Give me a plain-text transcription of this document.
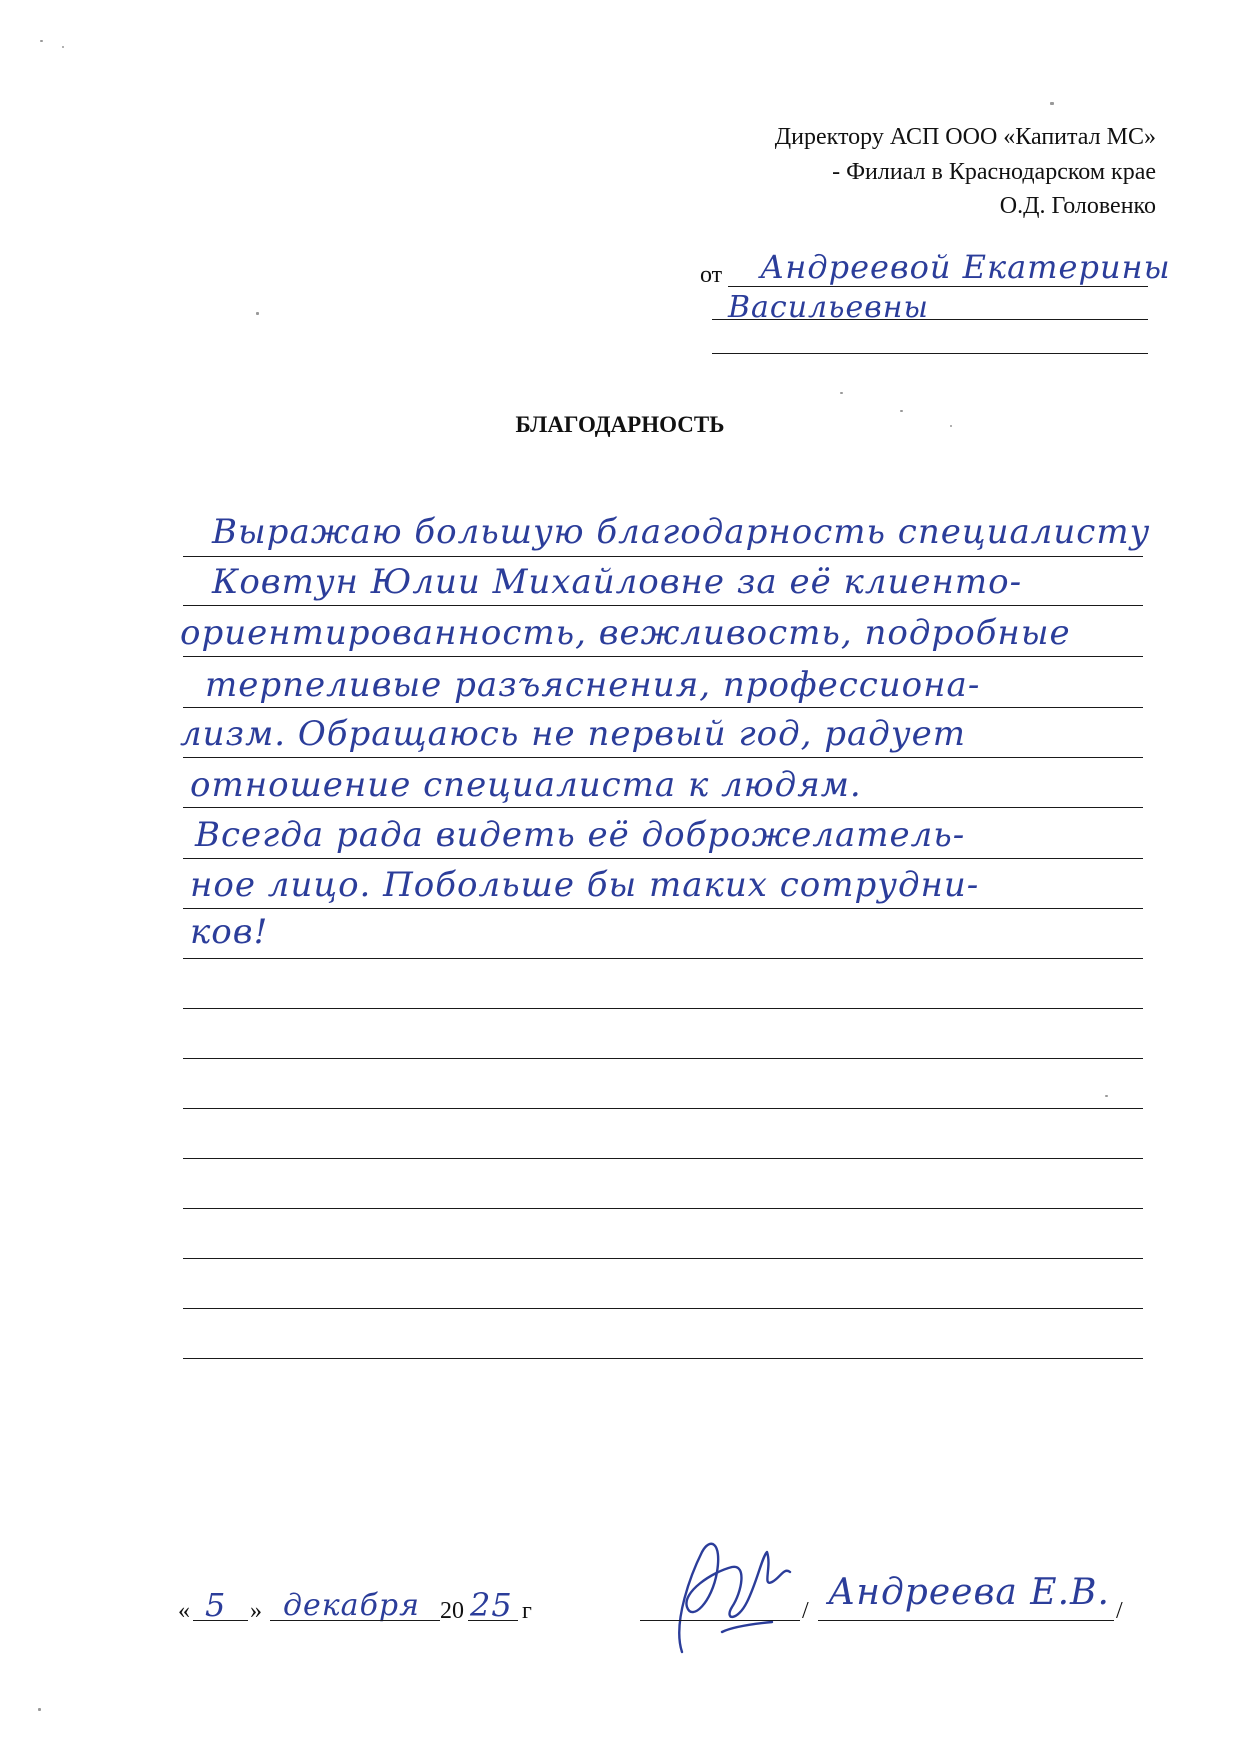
Директору АСП ООО «Капитал МС»
- Филиал в Краснодарском крае
О.Д. Головенко
от Андреевой Екатерины
Васильевны
БЛАГОДАРНОСТЬ
Выражаю большую благодарность специалисту
Ковтун Юлии Михайловне за её клиенто-
ориентированность, вежливость, подробные
терпеливые разъяснения, профессиона-
лизм. Обращаюсь не первый год, радует
отношение специалиста к людям.
Всегда рада видеть её доброжелатель-
ное лицо. Побольше бы таких сотрудни-
ков!
« 5 » декабря 20 25 г	/ Андреева Е.В. /
